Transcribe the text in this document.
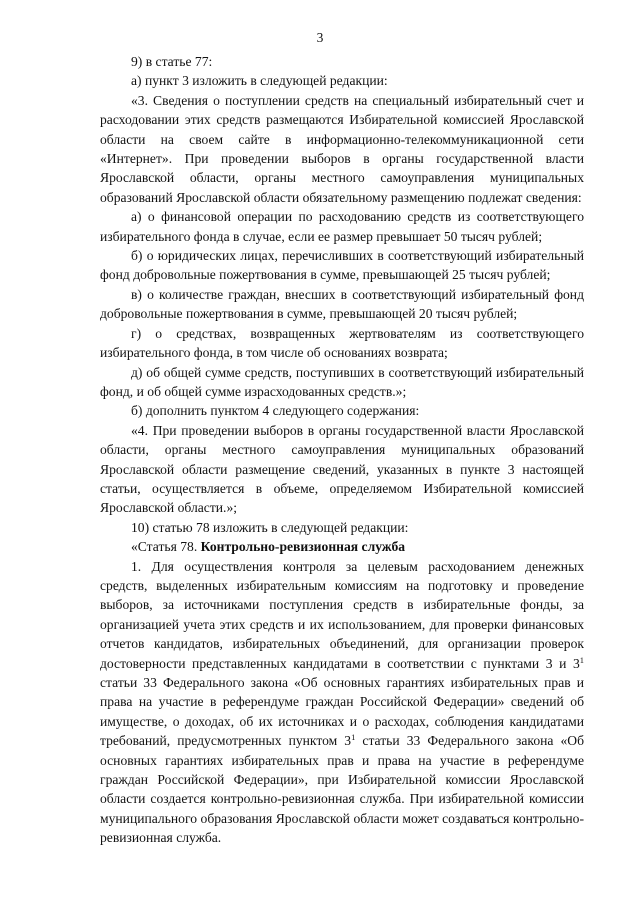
3

9) в статье 77:

а) пункт 3 изложить в следующей редакции:

«3. Сведения о поступлении средств на специальный избирательный счет и расходовании этих средств размещаются Избирательной комиссией Ярославской области на своем сайте в информационно-телекоммуникационной сети «Интернет». При проведении выборов в органы государственной власти Ярославской области, органы местного самоуправления муниципальных образований Ярославской области обязательному размещению подлежат сведения:

а) о финансовой операции по расходованию средств из соответствующего избирательного фонда в случае, если ее размер превышает 50 тысяч рублей;

б) о юридических лицах, перечисливших в соответствующий избирательный фонд добровольные пожертвования в сумме, превышающей 25 тысяч рублей;

в) о количестве граждан, внесших в соответствующий избирательный фонд добровольные пожертвования в сумме, превышающей 20 тысяч рублей;

г) о средствах, возвращенных жертвователям из соответствующего избирательного фонда, в том числе об основаниях возврата;

д) об общей сумме средств, поступивших в соответствующий избирательный фонд, и об общей сумме израсходованных средств.»;

б) дополнить пунктом 4 следующего содержания:

«4. При проведении выборов в органы государственной власти Ярославской области, органы местного самоуправления муниципальных образований Ярославской области размещение сведений, указанных в пункте 3 настоящей статьи, осуществляется в объеме, определяемом Избирательной комиссией Ярославской области.»;

10) статью 78 изложить в следующей редакции:

«Статья 78. Контрольно-ревизионная служба

1. Для осуществления контроля за целевым расходованием денежных средств, выделенных избирательным комиссиям на подготовку и проведение выборов, за источниками поступления средств в избирательные фонды, за организацией учета этих средств и их использованием, для проверки финансовых отчетов кандидатов, избирательных объединений, для организации проверок достоверности представленных кандидатами в соответствии с пунктами 3 и $3^1$ статьи 33 Федерального закона «Об основных гарантиях избирательных прав и права на участие в референдуме граждан Российской Федерации» сведений об имуществе, о доходах, об их источниках и о расходах, соблюдения кандидатами требований, предусмотренных пунктом $3^1$ статьи 33 Федерального закона «Об основных гарантиях избирательных прав и права на участие в референдуме граждан Российской Федерации», при Избирательной комиссии Ярославской области создается контрольно-ревизионная служба. При избирательной комиссии муниципального образования Ярославской области может создаваться контрольно-ревизионная служба.
